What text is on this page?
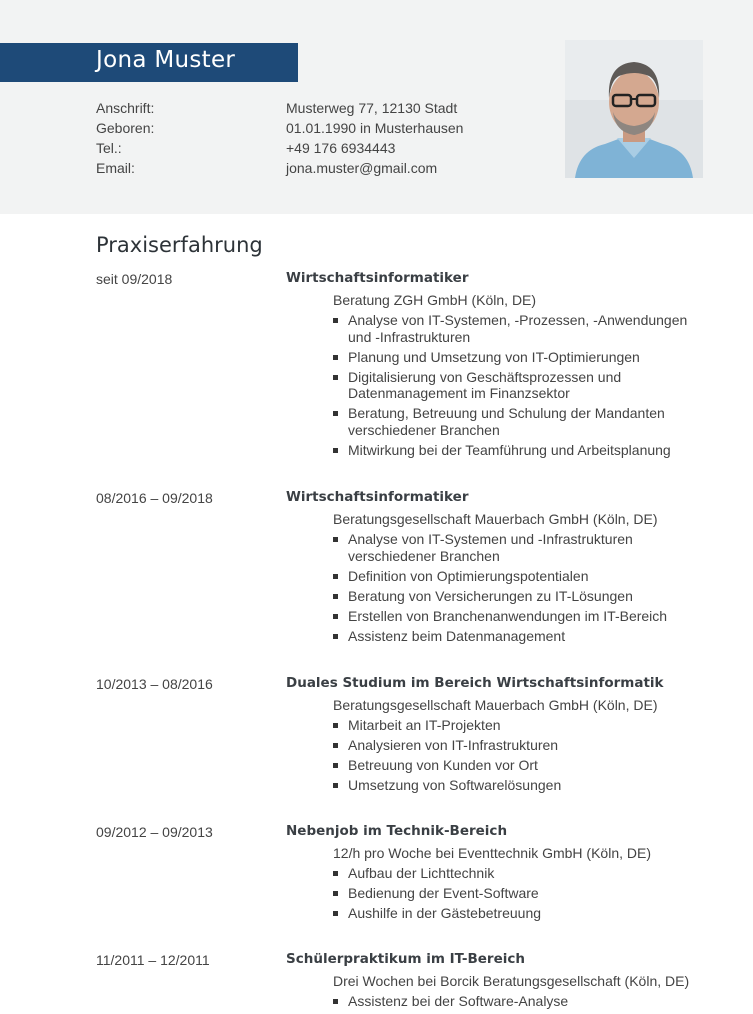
Jona Muster
Anschrift:	Musterweg 77, 12130 Stadt
Geboren:	01.01.1990 in Musterhausen
Tel.:	+49 176 6934443
Email:	jona.muster@gmail.com
Praxiserfahrung
seit 09/2018	Wirtschaftsinformatiker
Beratung ZGH GmbH (Köln, DE)
Analyse von IT-Systemen, -Prozessen, -Anwendungen und -Infrastrukturen
Planung und Umsetzung von IT-Optimierungen
Digitalisierung von Geschäftsprozessen und Datenmanagement im Finanzsektor
Beratung, Betreuung und Schulung der Mandanten verschiedener Branchen
Mitwirkung bei der Teamführung und Arbeitsplanung
08/2016 – 09/2018	Wirtschaftsinformatiker
Beratungsgesellschaft Mauerbach GmbH (Köln, DE)
Analyse von IT-Systemen und -Infrastrukturen verschiedener Branchen
Definition von Optimierungspotentialen
Beratung von Versicherungen zu IT-Lösungen
Erstellen von Branchenanwendungen im IT-Bereich
Assistenz beim Datenmanagement
10/2013 – 08/2016	Duales Studium im Bereich Wirtschaftsinformatik
Beratungsgesellschaft Mauerbach GmbH (Köln, DE)
Mitarbeit an IT-Projekten
Analysieren von IT-Infrastrukturen
Betreuung von Kunden vor Ort
Umsetzung von Softwarelösungen
09/2012 – 09/2013	Nebenjob im Technik-Bereich
12/h pro Woche bei Eventtechnik GmbH (Köln, DE)
Aufbau der Lichttechnik
Bedienung der Event-Software
Aushilfe in der Gästebetreuung
11/2011 – 12/2011	Schülerpraktikum im IT-Bereich
Drei Wochen bei Borcik Beratungsgesellschaft (Köln, DE)
Assistenz bei der Software-Analyse
